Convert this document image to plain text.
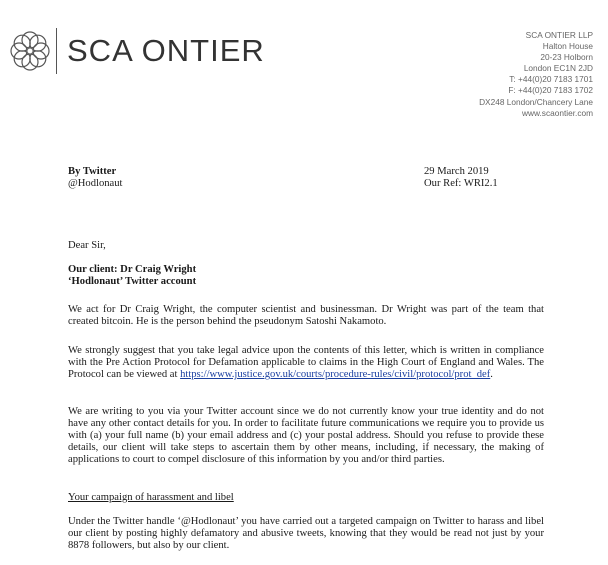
SCA ONTIER	SCA ONTIER LLP
Halton House
20-23 Holborn
London EC1N 2JD
T: +44(0)20 7183 1701
F: +44(0)20 7183 1702
DX248 London/Chancery Lane
www.scaontier.com
By Twitter
@Hodlonaut
29 March 2019
Our Ref: WRI2.1
Dear Sir,
Our client: Dr Craig Wright
‘Hodlonaut’ Twitter account
We act for Dr Craig Wright, the computer scientist and businessman. Dr Wright was part of the team that created bitcoin. He is the person behind the pseudonym Satoshi Nakamoto.
We strongly suggest that you take legal advice upon the contents of this letter, which is written in compliance with the Pre Action Protocol for Defamation applicable to claims in the High Court of England and Wales. The Protocol can be viewed at https://www.justice.gov.uk/courts/procedure-rules/civil/protocol/prot_def.
We are writing to you via your Twitter account since we do not currently know your true identity and do not have any other contact details for you. In order to facilitate future communications we require you to provide us with (a) your full name (b) your email address and (c) your postal address. Should you refuse to provide these details, our client will take steps to ascertain them by other means, including, if necessary, the making of applications to court to compel disclosure of this information by you and/or third parties.
Your campaign of harassment and libel
Under the Twitter handle ‘@Hodlonaut’ you have carried out a targeted campaign on Twitter to harass and libel our client by posting highly defamatory and abusive tweets, knowing that they would be read not just by your 8878 followers, but also by our client.
